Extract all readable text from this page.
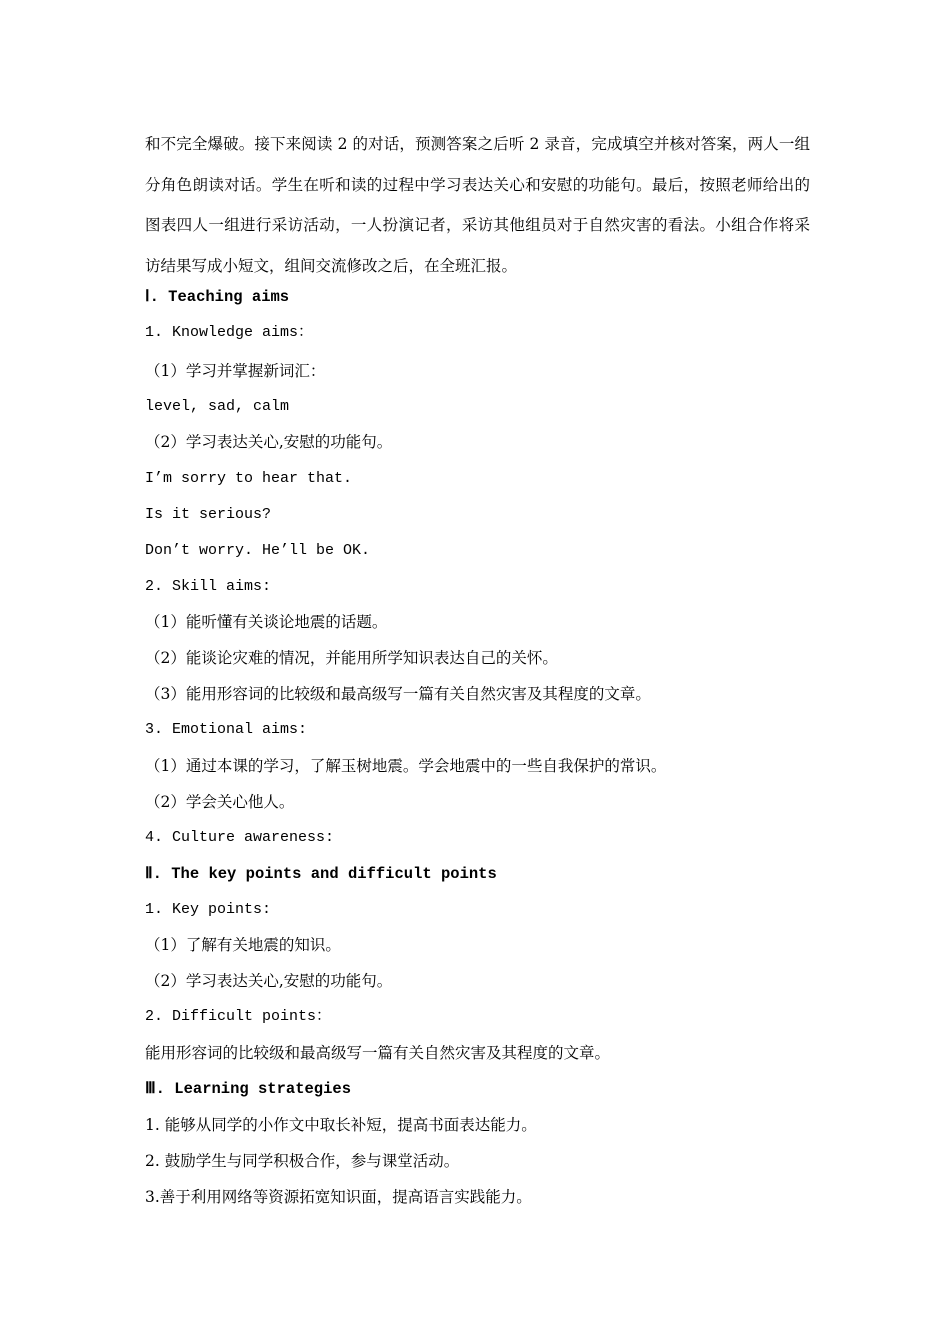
和不完全爆破。接下来阅读 2 的对话，预测答案之后听 2 录音，完成填空并核对答案，两人一组分角色朗读对话。学生在听和读的过程中学习表达关心和安慰的功能句。最后，按照老师给出的图表四人一组进行采访活动，一人扮演记者，采访其他组员对于自然灾害的看法。小组合作将采访结果写成小短文，组间交流修改之后，在全班汇报。

Ⅰ. Teaching aims
1. Knowledge aims：
（1）学习并掌握新词汇：
level, sad, calm
（2）学习表达关心,安慰的功能句。
I’m sorry to hear that.
Is it serious?
Don’t worry. He’ll be OK.
2. Skill aims:
（1）能听懂有关谈论地震的话题。
（2）能谈论灾难的情况，并能用所学知识表达自己的关怀。
（3）能用形容词的比较级和最高级写一篇有关自然灾害及其程度的文章。
3. Emotional aims:
（1）通过本课的学习，了解玉树地震。学会地震中的一些自我保护的常识。
（2）学会关心他人。
4. Culture awareness:
Ⅱ. The key points and difficult points
1. Key points:
（1）了解有关地震的知识。
（2）学习表达关心,安慰的功能句。
2. Difficult points：
能用形容词的比较级和最高级写一篇有关自然灾害及其程度的文章。
Ⅲ. Learning strategies
1. 能够从同学的小作文中取长补短，提高书面表达能力。
2. 鼓励学生与同学积极合作，参与课堂活动。
3.善于利用网络等资源拓宽知识面，提高语言实践能力。
